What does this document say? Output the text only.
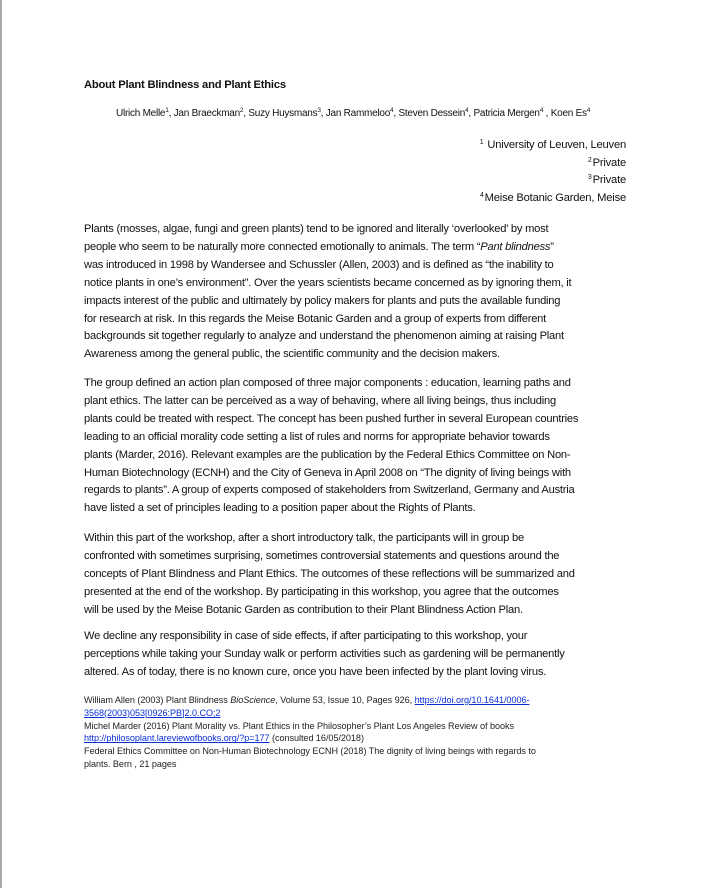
About Plant Blindness and Plant Ethics
Ulrich Melle$^1$, Jan Braeckman$^2$, Suzy Huysmans$^3$, Jan Rammeloo$^4$, Steven Dessein$^4$, Patricia Mergen$^4$ , Koen Es$^4$
$^1$ University of Leuven, Leuven
$^2$Private
$^3$Private
$^4$Meise Botanic Garden, Meise

Plants (mosses, algae, fungi and green plants) tend to be ignored and literally ‘overlooked’ by most
people who seem to be naturally more connected emotionally to animals. The term “Pant blindness”
was introduced in 1998 by Wandersee and Schussler (Allen, 2003) and is defined as “the inability to
notice plants in one’s environment”. Over the years scientists became concerned as by ignoring them, it
impacts interest of the public and ultimately by policy makers for plants and puts the available funding
for research at risk. In this regards the Meise Botanic Garden and a group of experts from different
backgrounds sit together regularly to analyze and understand the phenomenon aiming at raising Plant
Awareness among the general public, the scientific community and the decision makers.

The group defined an action plan composed of three major components : education, learning paths and
plant ethics. The latter can be perceived as a way of behaving, where all living beings, thus including
plants could be treated with respect. The concept has been pushed further in several European countries
leading to an official morality code setting a list of rules and norms for appropriate behavior towards
plants (Marder, 2016). Relevant examples are the publication by the Federal Ethics Committee on Non-
Human Biotechnology (ECNH) and the City of Geneva in April 2008 on “The dignity of living beings with
regards to plants”. A group of experts composed of stakeholders from Switzerland, Germany and Austria
have listed a set of principles leading to a position paper about the Rights of Plants.

Within this part of the workshop, after a short introductory talk, the participants will in group be
confronted with sometimes surprising, sometimes controversial statements and questions around the
concepts of Plant Blindness and Plant Ethics. The outcomes of these reflections will be summarized and
presented at the end of the workshop. By participating in this workshop, you agree that the outcomes
will be used by the Meise Botanic Garden as contribution to their Plant Blindness Action Plan.

We decline any responsibility in case of side effects, if after participating to this workshop, your
perceptions while taking your Sunday walk or perform activities such as gardening will be permanently
altered. As of today, there is no known cure, once you have been infected by the plant loving virus.

William Allen (2003) Plant Blindness BioScience, Volume 53, Issue 10, Pages 926, https://doi.org/10.1641/0006-
3568(2003)053[0926:PB]2.0.CO;2
Michel Marder (2016) Plant Morality vs. Plant Ethics in the Philosopher’s Plant Los Angeles Review of books
http://philosoplant.lareviewofbooks.org/?p=177 (consulted 16/05/2018)
Federal Ethics Committee on Non-Human Biotechnology ECNH (2018) The dignity of living beings with regards to
plants. Bern , 21 pages
